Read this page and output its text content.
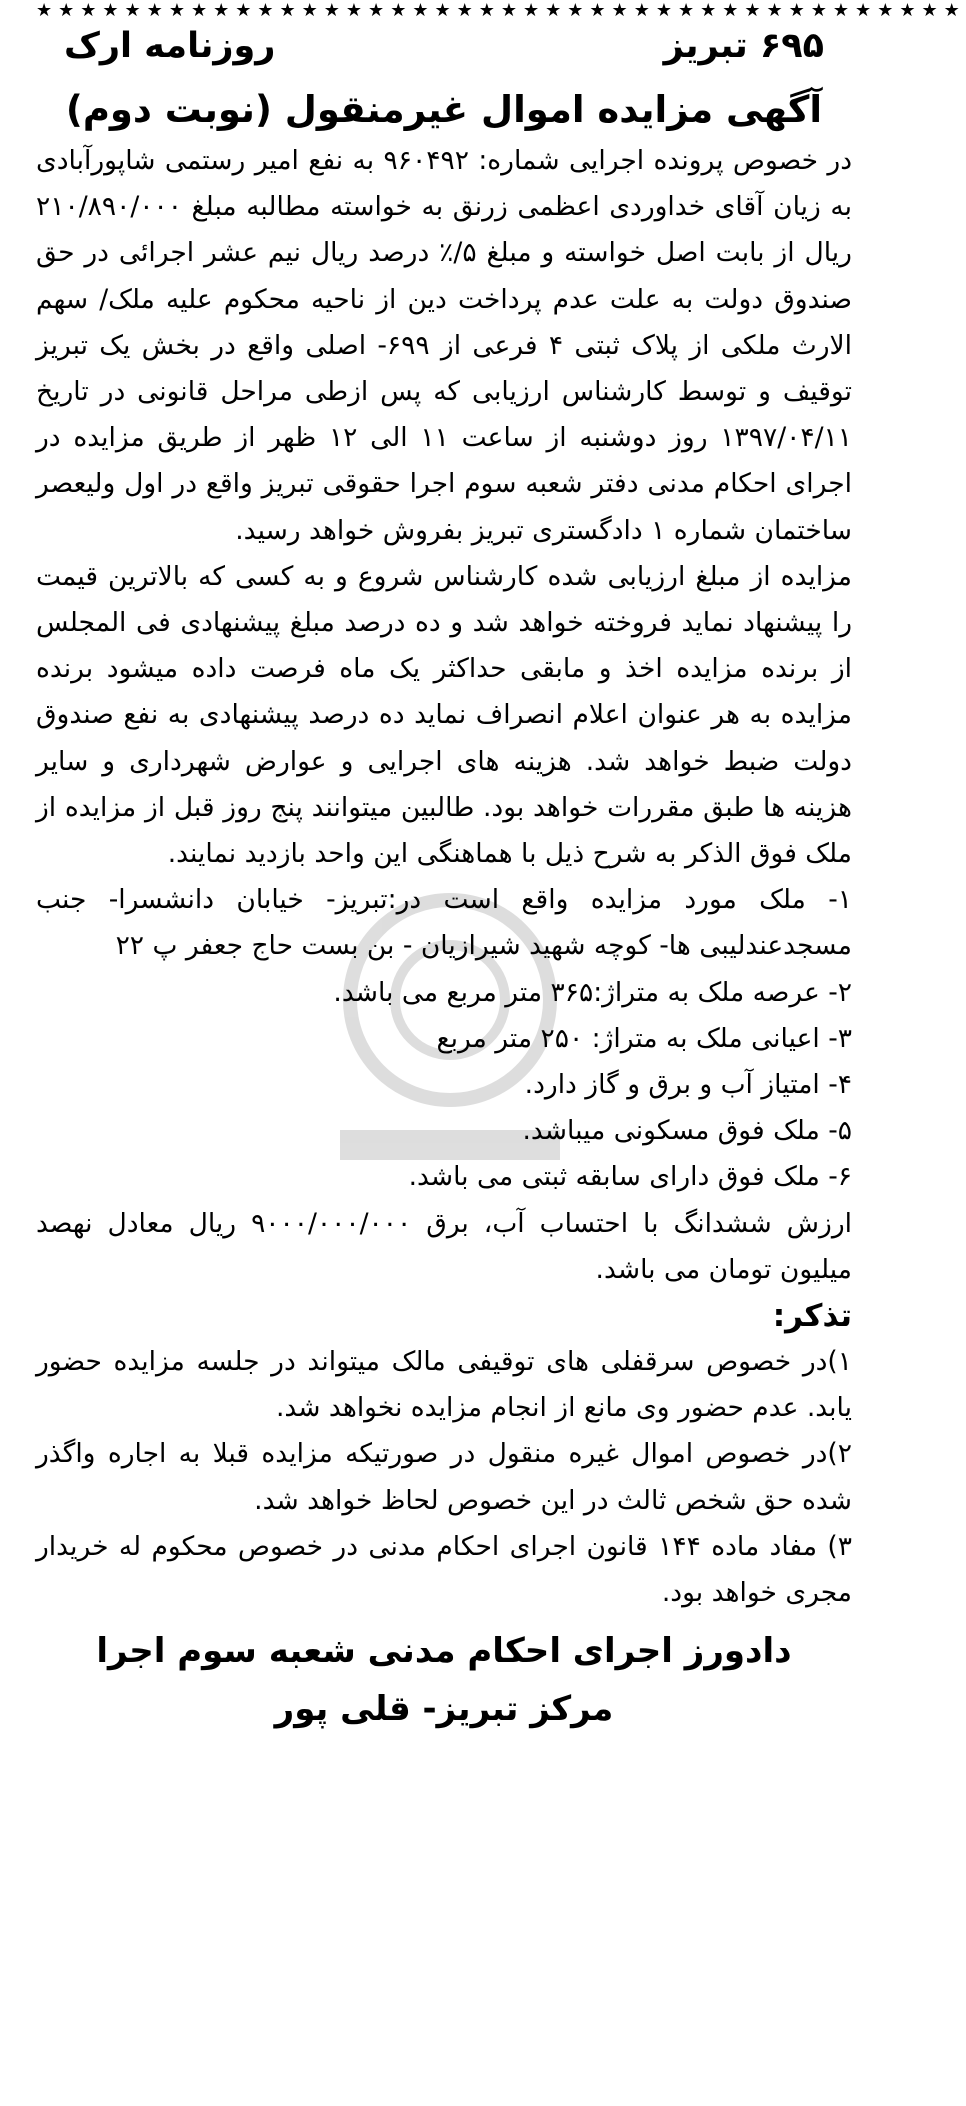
★★★★★★★★★★★★★★★★★★★★★★★★★★★★★★★★★★★★★★★★★★
۶۹۵ تبریز
روزنامه ارک
آگهی مزایده اموال غیرمنقول (نوبت دوم)

در خصوص پرونده اجرایی شماره: ۹۶۰۴۹۲ به نفع امیر رستمی شاپورآبادی به زیان آقای خداوردی اعظمی زرنق به خواسته مطالبه مبلغ ۲۱۰/۸۹۰/۰۰۰ ریال از بابت اصل خواسته و مبلغ ۵/٪ درصد ریال نیم عشر اجرائی در حق صندوق دولت به علت عدم پرداخت دین از ناحیه محکوم علیه ملک/ سهم الارث ملکی از پلاک ثبتی ۴ فرعی از ۶۹۹- اصلی واقع در بخش یک تبریز توقیف و توسط کارشناس ارزیابی که پس ازطی مراحل قانونی در تاریخ ۱۳۹۷/۰۴/۱۱ روز دوشنبه از ساعت ۱۱ الی ۱۲ ظهر از طریق مزایده در اجرای احکام مدنی دفتر شعبه سوم اجرا حقوقی تبریز واقع در اول ولیعصر ساختمان شماره ۱ دادگستری تبریز بفروش خواهد رسید.

مزایده از مبلغ ارزیابی شده کارشناس شروع و به کسی که بالاترین قیمت را پیشنهاد نماید فروخته خواهد شد و ده درصد مبلغ پیشنهادی فی المجلس از برنده مزایده اخذ و مابقی حداکثر یک ماه فرصت داده میشود برنده مزایده به هر عنوان اعلام انصراف نماید ده درصد پیشنهادی به نفع صندوق دولت ضبط خواهد شد. هزینه های اجرایی و عوارض شهرداری و سایر هزینه ها طبق مقررات خواهد بود. طالبین میتوانند پنج روز قبل از مزایده از ملک فوق الذکر به شرح ذیل با هماهنگی این واحد بازدید نمایند.

۱- ملک مورد مزایده واقع است در:تبریز- خیابان دانشسرا- جنب مسجدعندلیبی ها- کوچه شهید شیرازیان - بن بست حاج جعفر پ ۲۲

۲- عرصه ملک به متراژ:۳۶۵ متر مربع می باشد.

۳- اعیانی ملک به متراژ: ۲۵۰ متر مربع

۴- امتیاز آب و برق و گاز دارد.

۵- ملک فوق مسکونی میباشد.

۶- ملک فوق دارای سابقه ثبتی می باشد.

ارزش ششدانگ با احتساب آب، برق ۹۰۰۰/۰۰۰/۰۰۰ ریال معادل نهصد میلیون تومان می باشد.

تذکر:

۱)در خصوص سرقفلی های توقیفی مالک میتواند در جلسه مزایده حضور یابد. عدم حضور وی مانع از انجام مزایده نخواهد شد.

۲)در خصوص اموال غیره منقول در صورتیکه مزایده قبلا به اجاره واگذر شده حق شخص ثالث در این خصوص لحاظ خواهد شد.

۳) مفاد ماده ۱۴۴ قانون اجرای احکام مدنی در خصوص محکوم له خریدار مجری خواهد بود.

دادورز اجرای احکام مدنی شعبه سوم اجرا
مرکز تبریز- قلی پور
